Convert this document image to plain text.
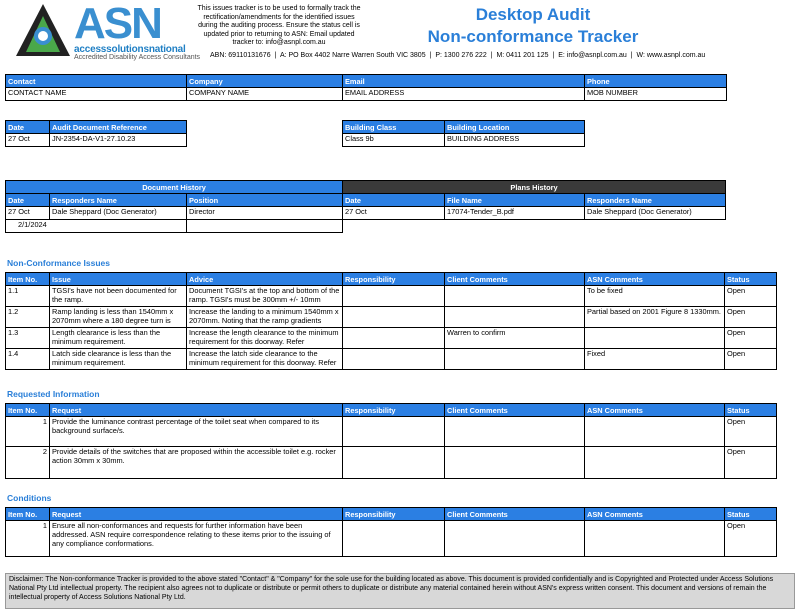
ASN
accesssolutionsnational
Accredited Disability Access Consultants
This issues tracker is to be used to formally track the rectification/amendments for the identified issues during the auditing process. Ensure the status cell is updated prior to returning to ASN: Email updated tracker to: info@asnpl.com.au
Desktop Audit
Non-conformance Tracker
ABN: 69110131676 | A: PO Box 4402 Narre Warren South VIC 3805 | P: 1300 276 222 | M: 0411 201 125 | E: info@asnpl.com.au | W: www.asnpl.com.au
Contact	Company	Email	Phone
CONTACT NAME	COMPANY NAME	EMAIL ADDRESS	MOB NUMBER
Date	Audit Document Reference
27 Oct	JN-2354-DA-V1-27.10.23
Building Class	Building Location
Class 9b	BUILDING ADDRESS
Document History		
Date	Responders Name	Position
27 Oct	Dale Sheppard (Doc Generator)	Director
2/1/2024		
Plans History		
Date	File Name	Responders Name
27 Oct	17074-Tender_B.pdf	Dale Sheppard (Doc Generator)
Non-Conformance Issues
Item No.	Issue	Advice	Responsibility	Client Comments	ASN Comments	Status
1.1	TGSI's have not been documented for the ramp.	Document TGSI's at the top and bottom of the ramp. TGSI's must be 300mm +/- 10mm			To be fixed	Open
1.2	Ramp landing is less than 1540mm x 2070mm where a 180 degree turn is	Increase the landing to a minimum 1540mm x 2070mm. Noting that the ramp gradients			Partial based on 2001 Figure 8 1330mm.	Open
1.3	Length clearance is less than the minimum requirement.	Increase the length clearance to the minimum requirement for this doorway. Refer		Warren to confirm		Open
1.4	Latch side clearance is less than the minimum requirement.	Increase the latch side clearance to the minimum requirement for this doorway. Refer			Fixed	Open
Requested Information
Item No.	Request	Responsibility	Client Comments	ASN Comments	Status
1	Provide the luminance contrast percentage of the toilet seat when compared to its background surface/s.				Open
2	Provide details of the switches that are proposed within the accessible toilet e.g. rocker action 30mm x 30mm.				Open
Conditions
Item No.	Request	Responsibility	Client Comments	ASN Comments	Status
1	Ensure all non-conformances and requests for further information have been addressed. ASN require correspondence relating to these items prior to the issuing of any compliance conformations.				Open
Disclaimer: The Non-conformance Tracker is provided to the above stated "Contact" & "Company" for the sole use for the building located as above. This document is provided confidentially and is Copyrighted and Protected under Access Solutions National Pty Ltd intellectual property. The recipient also agrees not to duplicate or distribute or permit others to duplicate or distribute any material contained herein without ASN's express written consent. This document and versions of remain the intellectual property of Access Solutions National Pty Ltd.
